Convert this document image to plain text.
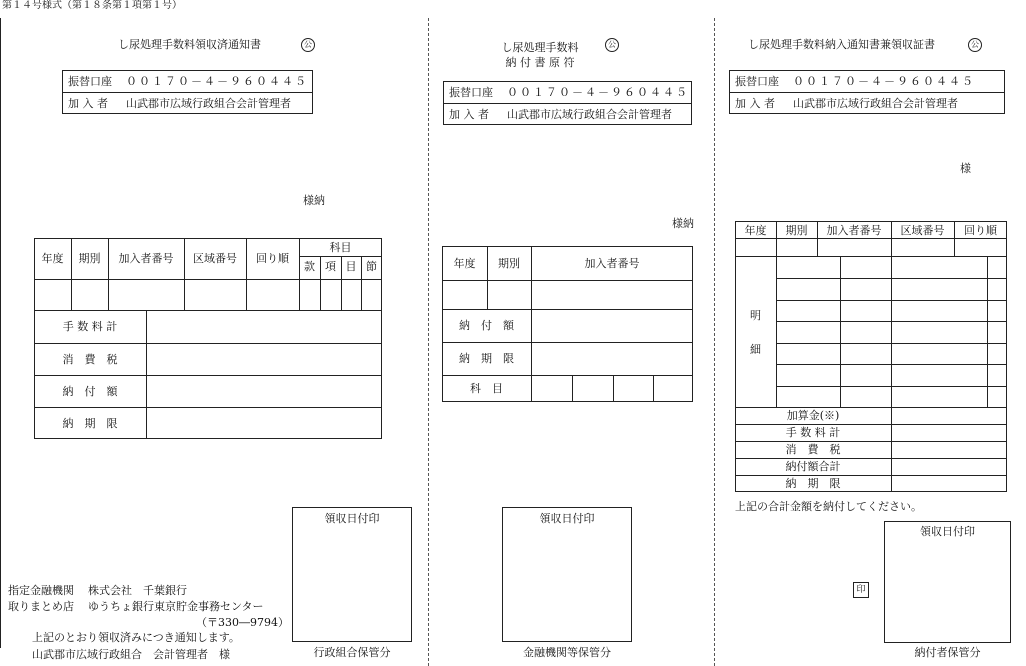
第１４号様式（第１８条第１項第１号）
し尿処理手数料領収済通知書	公
振替口座 ００１７０－４－９６０４４５
加 入 者 山武郡市広域行政組合会計管理者
様納
年度	期別	加入者番号	区域番号	回り順
科目
款 項 目 節
手 数 料 計
消　費　税
納　付　額
納　期　限
領収日付印
行政組合保管分
指定金融機関 株式会社　千葉銀行
取りまとめ店 ゆうちょ銀行東京貯金事務センター
（〒330―9794）
上記のとおり領収済みにつき通知します。
山武郡市広域行政組合　会計管理者　様
し尿処理手数料
納 付 書 原 符
公
振替口座 ００１７０－４－９６０４４５
加 入 者 山武郡市広域行政組合会計管理者
様納
年度	期別	加入者番号
納　付　額
納　期　限
科　目
領収日付印
金融機関等保管分
し尿処理手数料納入通知書兼領収証書	公
振替口座 ００１７０－４－９６０４４５
加 入 者 山武郡市広域行政組合会計管理者
様
年度	期別	加入者番号	区域番号	回り順
明
細
加算金(※)
手 数 料 計
消　費　税
納付額合計
納　期　限
上記の合計金額を納付してください。
印
領収日付印
納付者保管分
